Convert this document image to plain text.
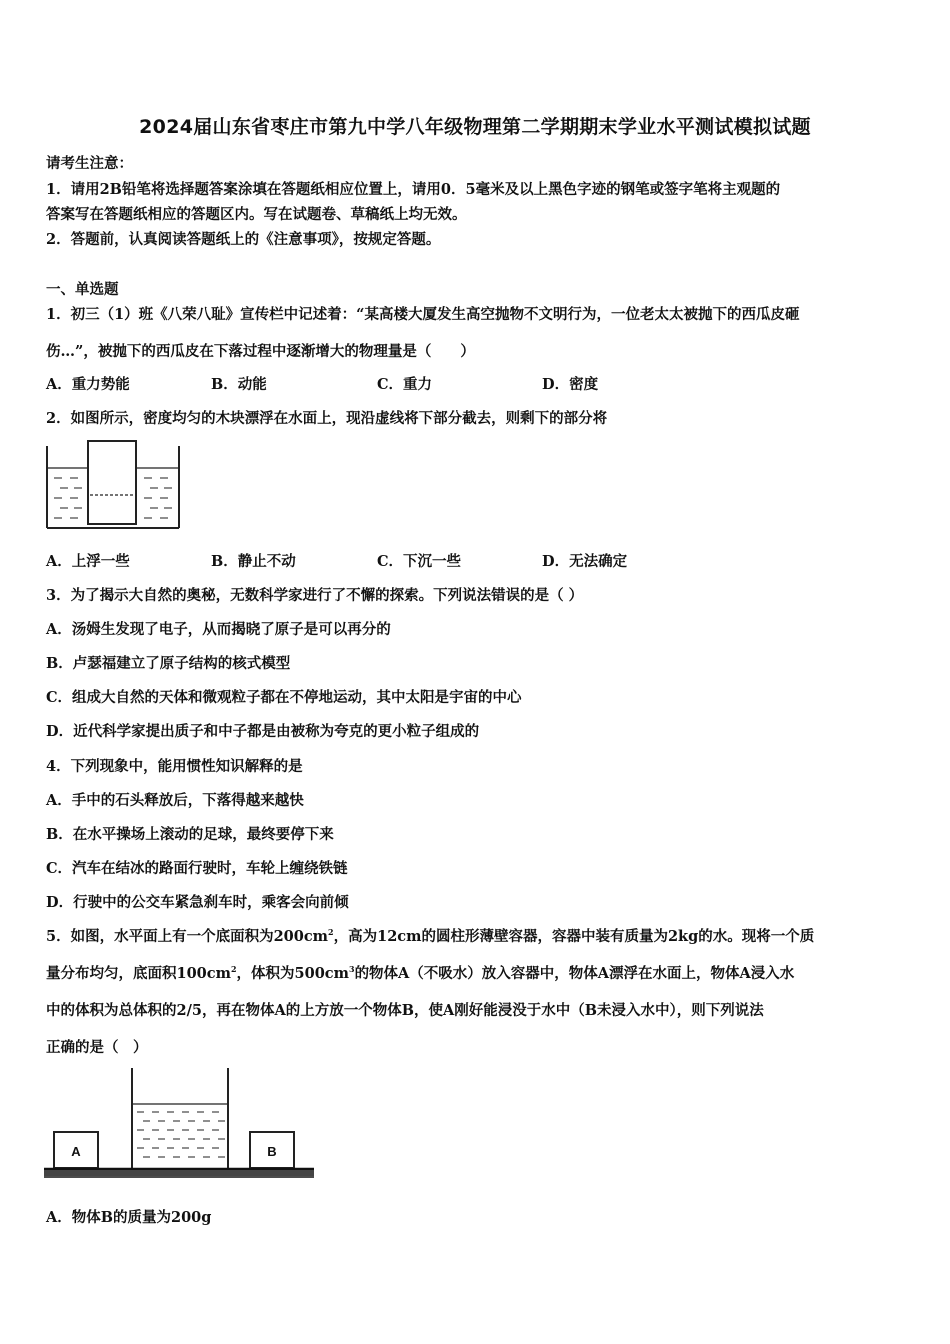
2024届山东省枣庄市第九中学八年级物理第二学期期末学业水平测试模拟试题
请考生注意：
1．请用2B铅笔将选择题答案涂填在答题纸相应位置上，请用0．5毫米及以上黑色字迹的钢笔或签字笔将主观题的
答案写在答题纸相应的答题区内。写在试题卷、草稿纸上均无效。
2．答题前，认真阅读答题纸上的《注意事项》，按规定答题。
一、单选题
1．初三（1）班《八荣八耻》宣传栏中记述着：“某高楼大厦发生高空抛物不文明行为，一位老太太被抛下的西瓜皮砸
伤…”，被抛下的西瓜皮在下落过程中逐渐增大的物理量是（　　）
A．重力势能	B．动能	C．重力	D．密度
2．如图所示，密度均匀的木块漂浮在水面上，现沿虚线将下部分截去，则剩下的部分将
A．上浮一些	B．静止不动	C．下沉一些	D．无法确定
3．为了揭示大自然的奥秘，无数科学家进行了不懈的探索。下列说法错误的是（ ）
A．汤姆生发现了电子，从而揭晓了原子是可以再分的
B．卢瑟福建立了原子结构的核式模型
C．组成大自然的天体和微观粒子都在不停地运动，其中太阳是宇宙的中心
D．近代科学家提出质子和中子都是由被称为夸克的更小粒子组成的
4．下列现象中，能用惯性知识解释的是
A．手中的石头释放后，下落得越来越快
B．在水平操场上滚动的足球，最终要停下来
C．汽车在结冰的路面行驶时，车轮上缠绕铁链
D．行驶中的公交车紧急刹车时，乘客会向前倾
5．如图，水平面上有一个底面积为$200cm^2$，高为12cm的圆柱形薄壁容器，容器中装有质量为2kg的水。现将一个质
量分布均匀，底面积$100cm^2$，体积为$500cm^3$的物体A（不吸水）放入容器中，物体A漂浮在水面上，物体A浸入水
中的体积为总体积的2/5，再在物体A的上方放一个物体B，使A刚好能浸没于水中（B未浸入水中），则下列说法
正确的是（　）
A	B
A．物体B的质量为200g
